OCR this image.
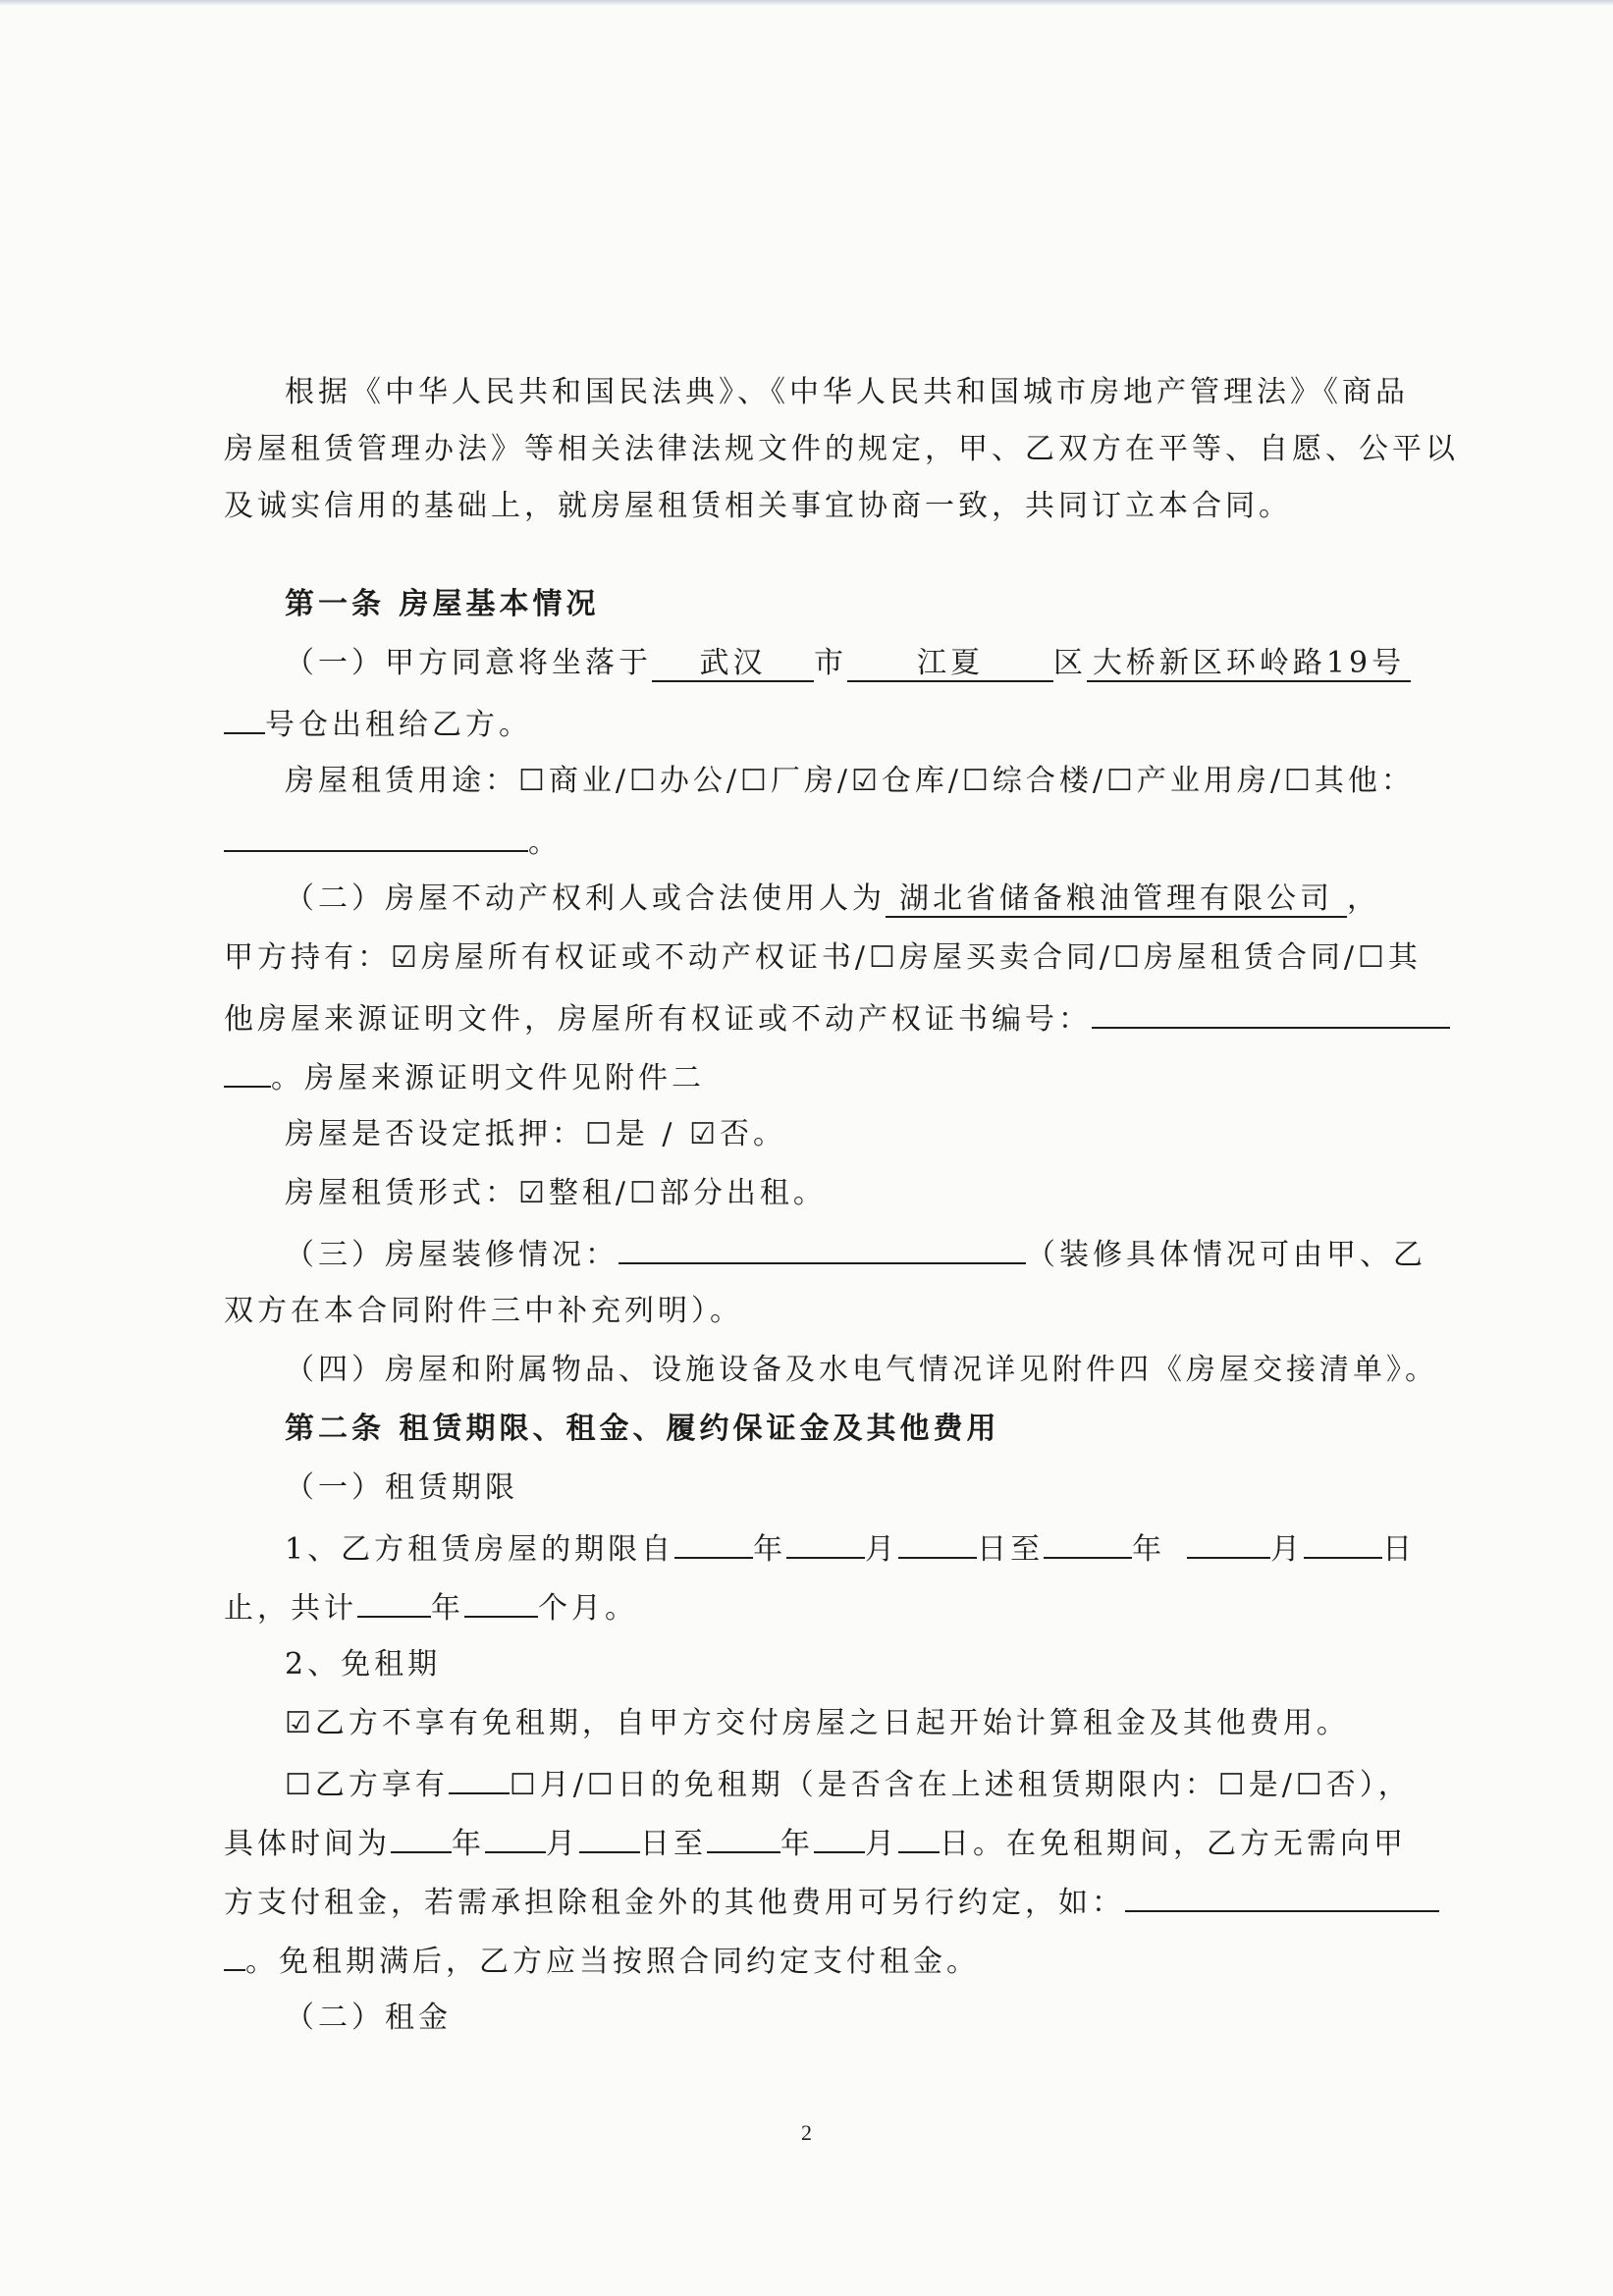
根据《中华人民共和国民法典》、《中华人民共和国城市房地产管理法》《商品
房屋租赁管理办法》等相关法律法规文件的规定，甲、乙双方在平等、自愿、公平以
及诚实信用的基础上，就房屋租赁相关事宜协商一致，共同订立本合同。
第一条 房屋基本情况
（一）甲方同意将坐落于 武汉 市 江夏 区 大桥新区环岭路19号
号仓出租给乙方。
房屋租赁用途：☐商业/☐办公/☐厂房/☑仓库/☐综合楼/☐产业用房/☐其他：
。
（二）房屋不动产权利人或合法使用人为 湖北省储备粮油管理有限公司 ，
甲方持有：☑房屋所有权证或不动产权证书/☐房屋买卖合同/☐房屋租赁合同/☐其
他房屋来源证明文件，房屋所有权证或不动产权证书编号：
。房屋来源证明文件见附件二
房屋是否设定抵押：☐是 / ☑否。
房屋租赁形式：☑整租/☐部分出租。
（三）房屋装修情况：	（装修具体情况可由甲、乙
双方在本合同附件三中补充列明）。
（四）房屋和附属物品、设施设备及水电气情况详见附件四《房屋交接清单》。
第二条 租赁期限、租金、履约保证金及其他费用
（一）租赁期限
1、乙方租赁房屋的期限自	年	月	日至	年	月	日
止，共计	年	个月。
2、免租期
☑乙方不享有免租期，自甲方交付房屋之日起开始计算租金及其他费用。
☐乙方享有 ☐月/☐日的免租期（是否含在上述租赁期限内：☐是/☐否），
具体时间为 年 月 日至	年 月 日。在免租期间，乙方无需向甲
方支付租金，若需承担除租金外的其他费用可另行约定，如：
。免租期满后，乙方应当按照合同约定支付租金。
（二）租金
2
